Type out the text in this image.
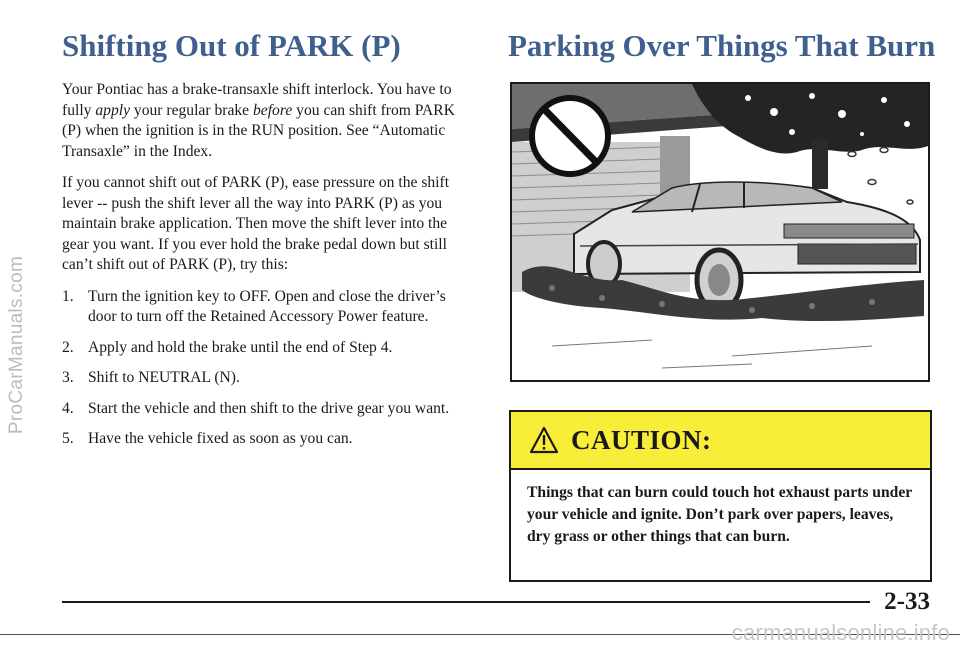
ProCarManuals.com
Shifting Out of PARK (P)

Your Pontiac has a brake-transaxle shift interlock. You have to fully apply your regular brake before you can shift from PARK (P) when the ignition is in the RUN position. See “Automatic Transaxle” in the Index.

If you cannot shift out of PARK (P), ease pressure on the shift lever -- push the shift lever all the way into PARK (P) as you maintain brake application. Then move the shift lever into the gear you want. If you ever hold the brake pedal down but still can’t shift out of PARK (P), try this:

1. Turn the ignition key to OFF. Open and close the driver’s door to turn off the Retained Accessory Power feature.
2. Apply and hold the brake until the end of Step 4.
3. Shift to NEUTRAL (N).
4. Start the vehicle and then shift to the drive gear you want.
5. Have the vehicle fixed as soon as you can.
Parking Over Things That Burn
CAUTION:
Things that can burn could touch hot exhaust parts under your vehicle and ignite. Don’t park over papers, leaves, dry grass or other things that can burn.
2-33
carmanualsonline.info
